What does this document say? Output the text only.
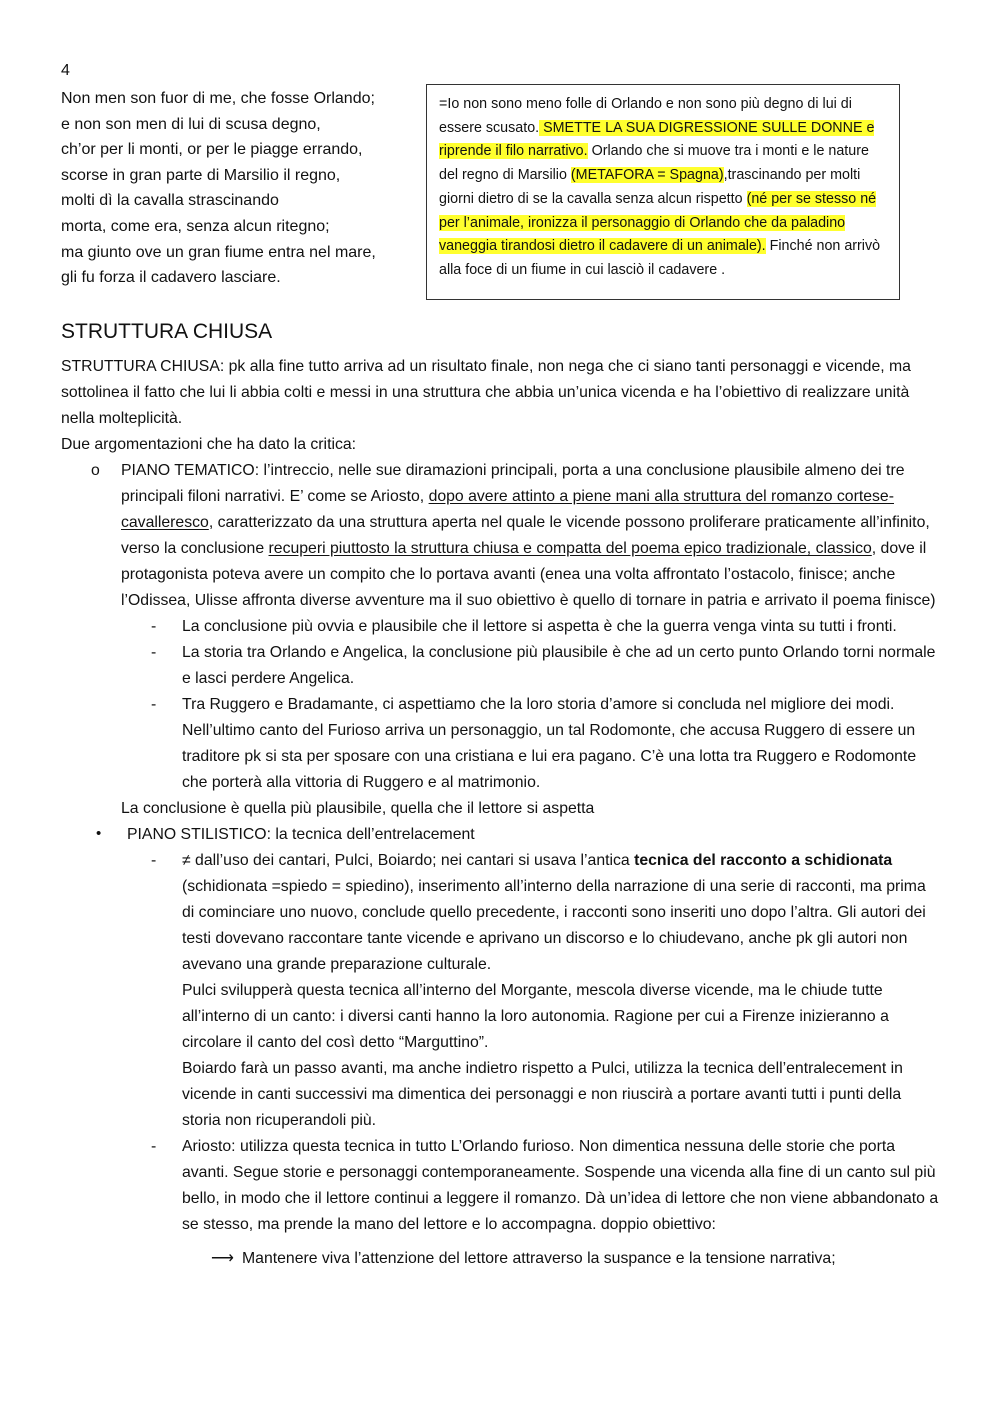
4
Non men son fuor di me, che fosse Orlando;
e non son men di lui di scusa degno,
ch’or per li monti, or per le piagge errando,
scorse in gran parte di Marsilio il regno,
molti dì la cavalla strascinando
morta, come era, senza alcun ritegno;
ma giunto ove un gran fiume entra nel mare,
gli fu forza il cadavero lasciare.
=Io non sono meno folle di Orlando e non sono più degno di lui di essere scusato. SMETTE LA SUA DIGRESSIONE SULLE DONNE e riprende il filo narrativo. Orlando che si muove tra i monti e le nature del regno di Marsilio (METAFORA = Spagna),trascinando per molti giorni dietro di se la cavalla senza alcun rispetto (né per se stesso né per l’animale, ironizza il personaggio di Orlando che da paladino vaneggia tirandosi dietro il cadavere di un animale). Finché non arrivò alla foce di un fiume in cui lasciò il cadavere .
STRUTTURA CHIUSA

STRUTTURA CHIUSA: pk alla fine tutto arriva ad un risultato finale, non nega che ci siano tanti personaggi e vicende, ma sottolinea il fatto che lui li abbia colti e messi in una struttura che abbia un’unica vicenda e ha l’obiettivo di realizzare unità nella molteplicità.

Due argomentazioni che ha dato la critica:

o PIANO TEMATICO: l’intreccio, nelle sue diramazioni principali, porta a una conclusione plausibile almeno dei tre principali filoni narrativi. E’ come se Ariosto, dopo avere attinto a piene mani alla struttura del romanzo cortese-cavalleresco, caratterizzato da una struttura aperta nel quale le vicende possono proliferare praticamente all’infinito, verso la conclusione recuperi piuttosto la struttura chiusa e compatta del poema epico tradizionale, classico, dove il protagonista poteva avere un compito che lo portava avanti (enea una volta affrontato l’ostacolo, finisce; anche l’Odissea, Ulisse affronta diverse avventure ma il suo obiettivo è quello di tornare in patria e arrivato il poema finisce)
- La conclusione più ovvia e plausibile che il lettore si aspetta è che la guerra venga vinta su tutti i fronti.
- La storia tra Orlando e Angelica, la conclusione più plausibile è che ad un certo punto Orlando torni normale e lasci perdere Angelica.
- Tra Ruggero e Bradamante, ci aspettiamo che la loro storia d’amore si concluda nel migliore dei modi. Nell’ultimo canto del Furioso arriva un personaggio, un tal Rodomonte, che accusa Ruggero di essere un traditore pk si sta per sposare con una cristiana e lui era pagano. C’è una lotta tra Ruggero e Rodomonte che porterà alla vittoria di Ruggero e al matrimonio.

La conclusione è quella più plausibile, quella che il lettore si aspetta

• PIANO STILISTICO: la tecnica dell’entrelacement
- ≠ dall’uso dei cantari, Pulci, Boiardo; nei cantari si usava l’antica tecnica del racconto a schidionata (schidionata =spiedo = spiedino), inserimento all’interno della narrazione di una serie di racconti, ma prima di cominciare uno nuovo, conclude quello precedente, i racconti sono inseriti uno dopo l’altra. Gli autori dei testi dovevano raccontare tante vicende e aprivano un discorso e lo chiudevano, anche pk gli autori non avevano una grande preparazione culturale.

Pulci svilupperà questa tecnica all’interno del Morgante, mescola diverse vicende, ma le chiude tutte all’interno di un canto: i diversi canti hanno la loro autonomia. Ragione per cui a Firenze inizieranno a circolare il canto del così detto “Marguttino”.

Boiardo farà un passo avanti, ma anche indietro rispetto a Pulci, utilizza la tecnica dell’entralecement in vicende in canti successivi ma dimentica dei personaggi e non riuscirà a portare avanti tutti i punti della storia non ricuperandoli più.

- Ariosto: utilizza questa tecnica in tutto L’Orlando furioso. Non dimentica nessuna delle storie che porta avanti. Segue storie e personaggi contemporaneamente. Sospende una vicenda alla fine di un canto sul più bello, in modo che il lettore continui a leggere il romanzo. Dà un’idea di lettore che non viene abbandonato a se stesso, ma prende la mano del lettore e lo accompagna. doppio obiettivo:
⟶ Mantenere viva l’attenzione del lettore attraverso la suspance e la tensione narrativa;
